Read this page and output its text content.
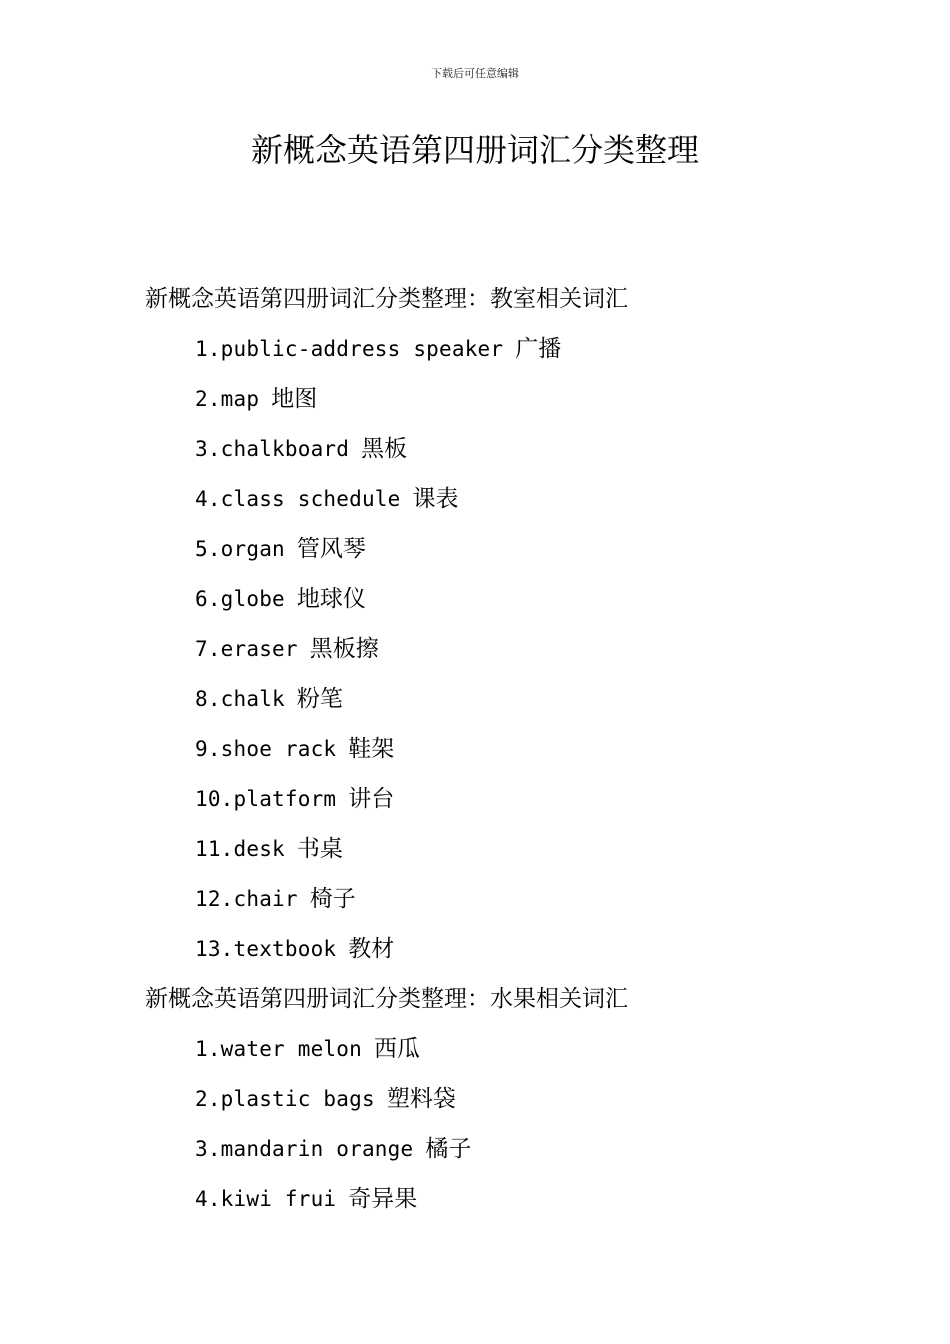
下载后可任意编辑
新概念英语第四册词汇分类整理
新概念英语第四册词汇分类整理：教室相关词汇
1.public-address speaker 广播
2.map 地图
3.chalkboard 黑板
4.class schedule 课表
5.organ 管风琴
6.globe 地球仪
7.eraser 黑板擦
8.chalk 粉笔
9.shoe rack 鞋架
10.platform 讲台
11.desk 书桌
12.chair 椅子
13.textbook 教材
新概念英语第四册词汇分类整理：水果相关词汇
1.water melon 西瓜
2.plastic bags 塑料袋
3.mandarin orange 橘子
4.kiwi frui 奇异果
